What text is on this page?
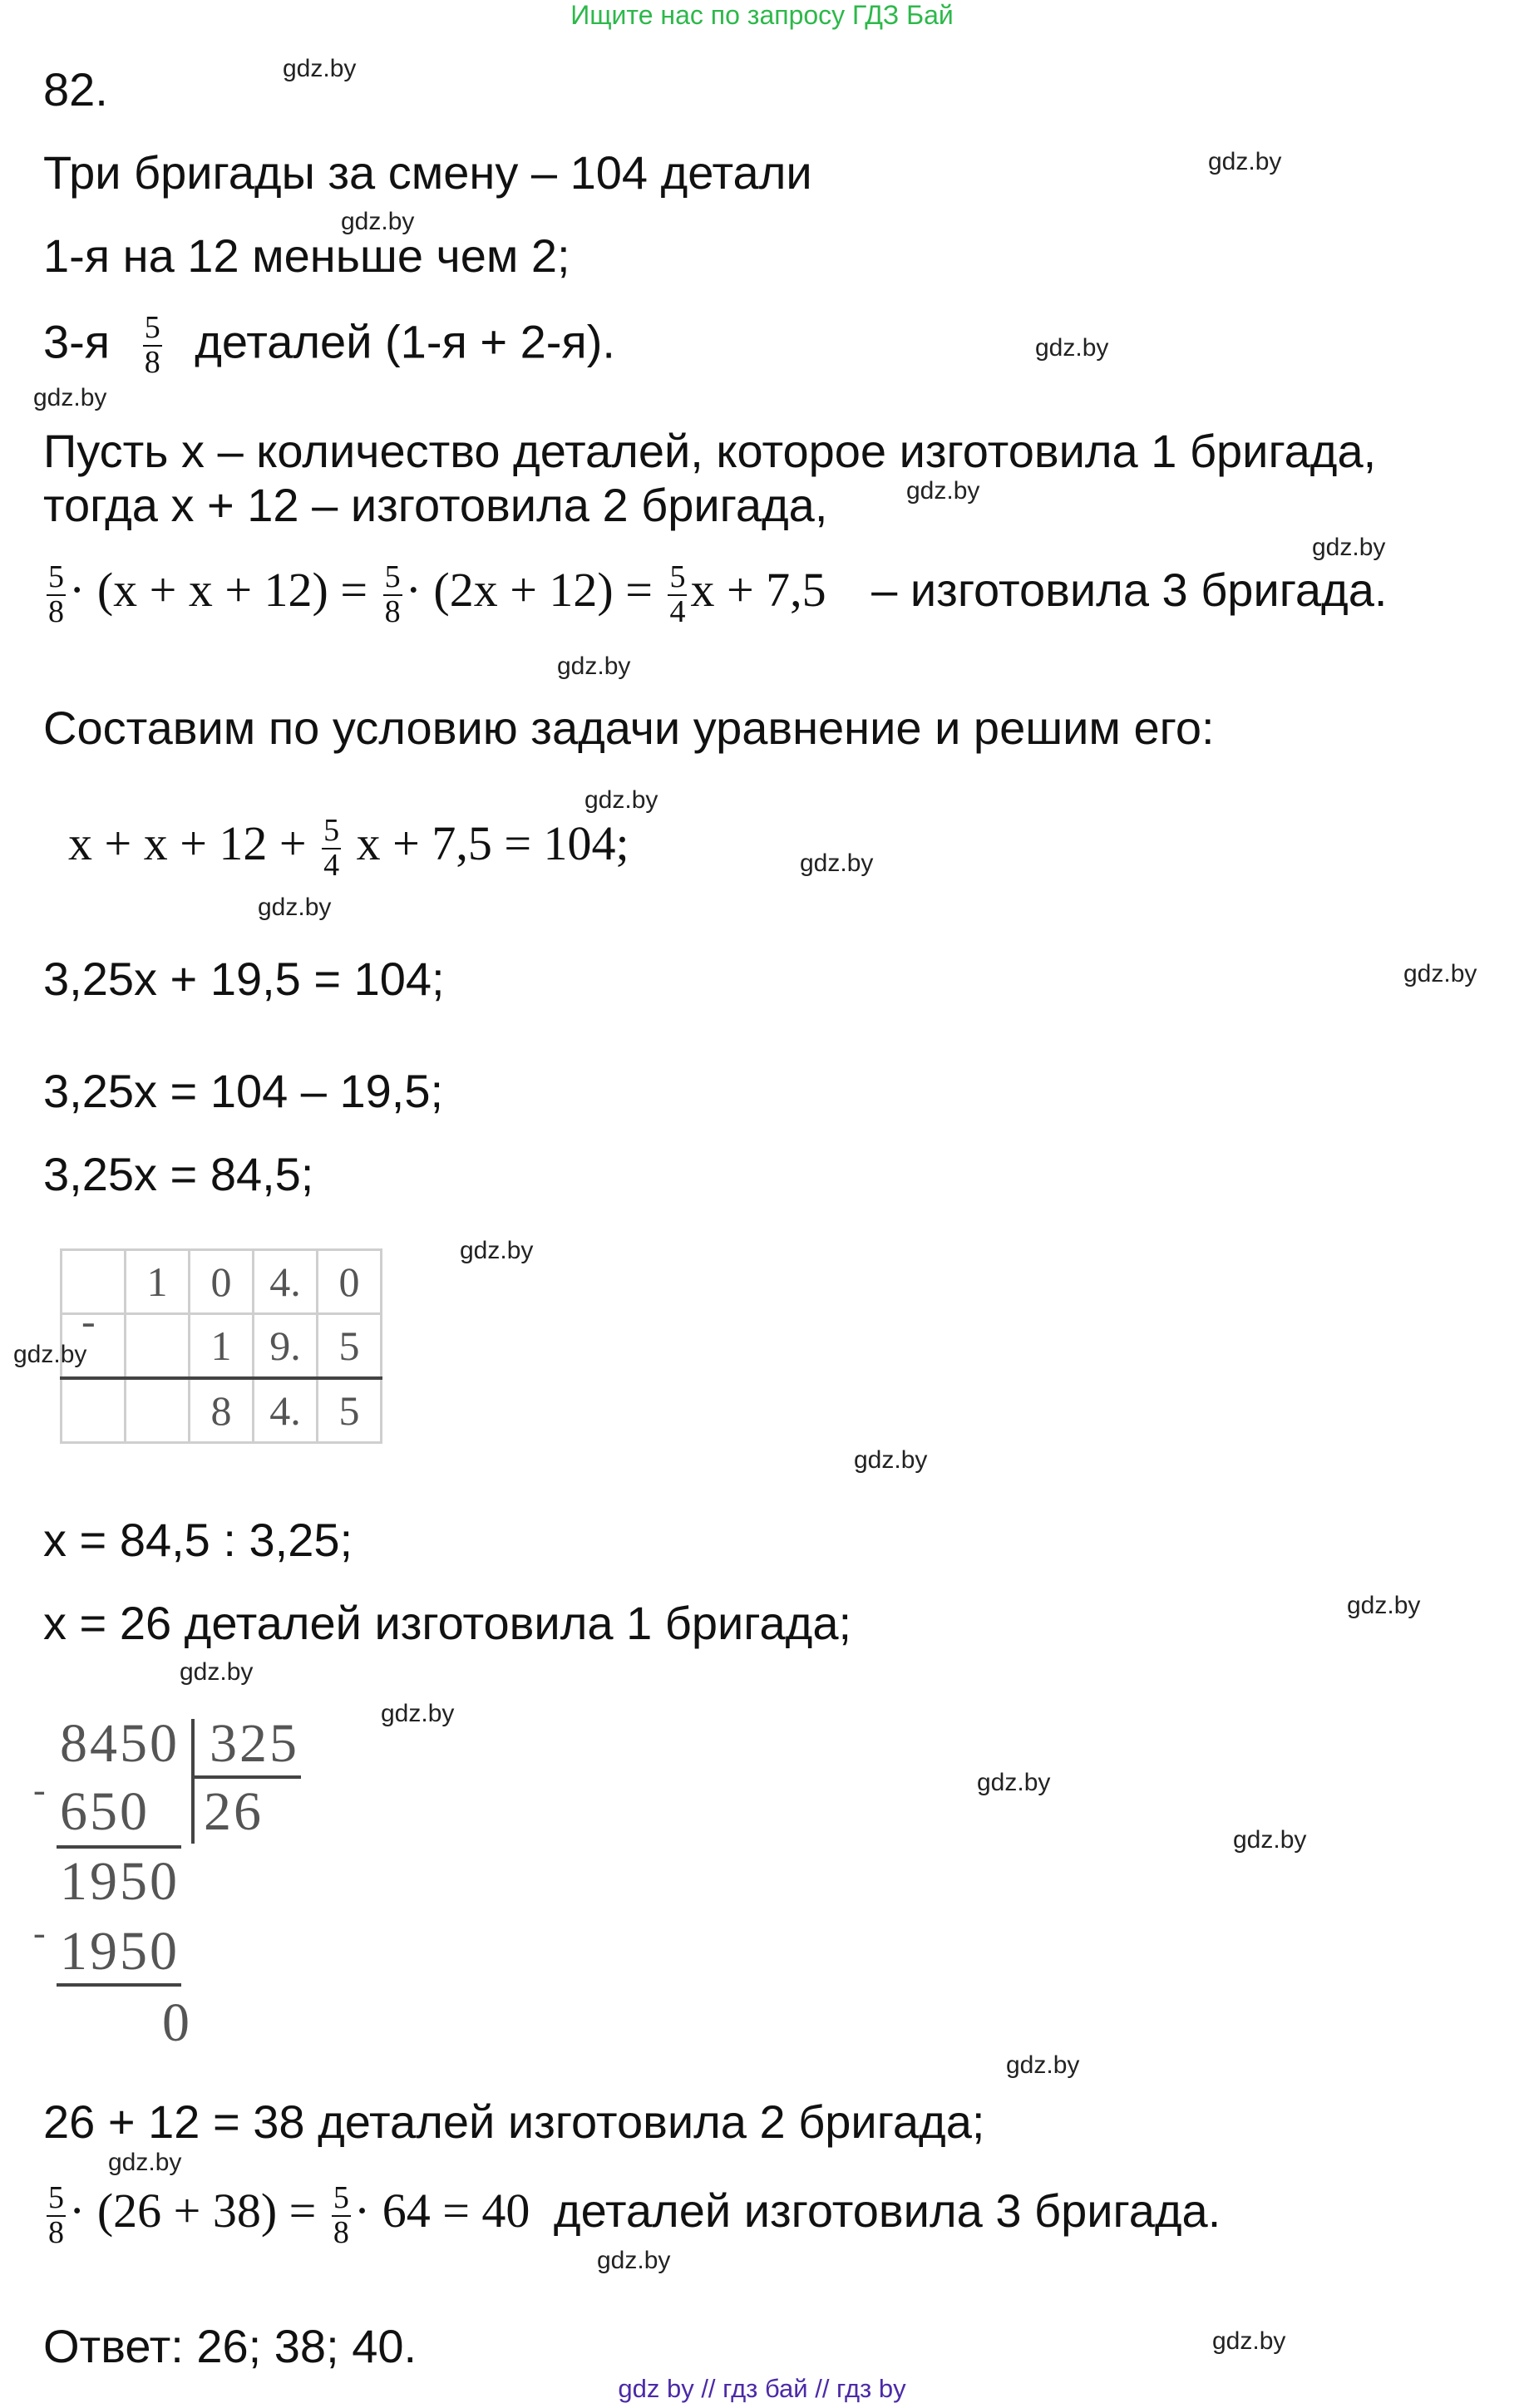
Ищите нас по запросу ГДЗ Бай
82.
Три бригады за смену – 104 детали
1-я на 12 меньше чем 2;
$3-я \frac{5}{8}$ деталей (1-я + 2-я).
Пусть x – количество деталей, которое изготовила 1 бригада,
тогда x + 12 – изготовила 2 бригада,
$\frac{5}{8} \cdot (x + x + 12) = \frac{5}{8} \cdot (2x + 12) = \frac{5}{4}$ x + 7,5 – изготовила 3 бригада.
Составим по условию задачи уравнение и решим его:
$x + x + 12 + \frac{5}{4}$ x + 7,5 = 104;
3,25x + 19,5 = 104;
3,25x = 104 – 19,5;
3,25x = 84,5;
-
	1	0	4.	0
		1	9.	5
		8	4.	5
x = 84,5 : 3,25;
x = 26 деталей изготовила 1 бригада;
8450 325
26
- 650
1950
- 1950
0
26 + 12 = 38 деталей изготовила 2 бригада;
$\frac{5}{8} \cdot (26 + 38) = \frac{5}{8} \cdot 64 = 40$ деталей изготовила 3 бригада.
Ответ: 26; 38; 40.
gdz.by
gdz.by
gdz.by
gdz.by
gdz.by
gdz.by
gdz.by
gdz.by
gdz.by
gdz.by
gdz.by
gdz.by
gdz.by
gdz.by
gdz.by
gdz.by
gdz.by
gdz.by
gdz.by
gdz.by
gdz.by
gdz.by
gdz.by
gdz.by
gdz by // гдз бай // гдз by
